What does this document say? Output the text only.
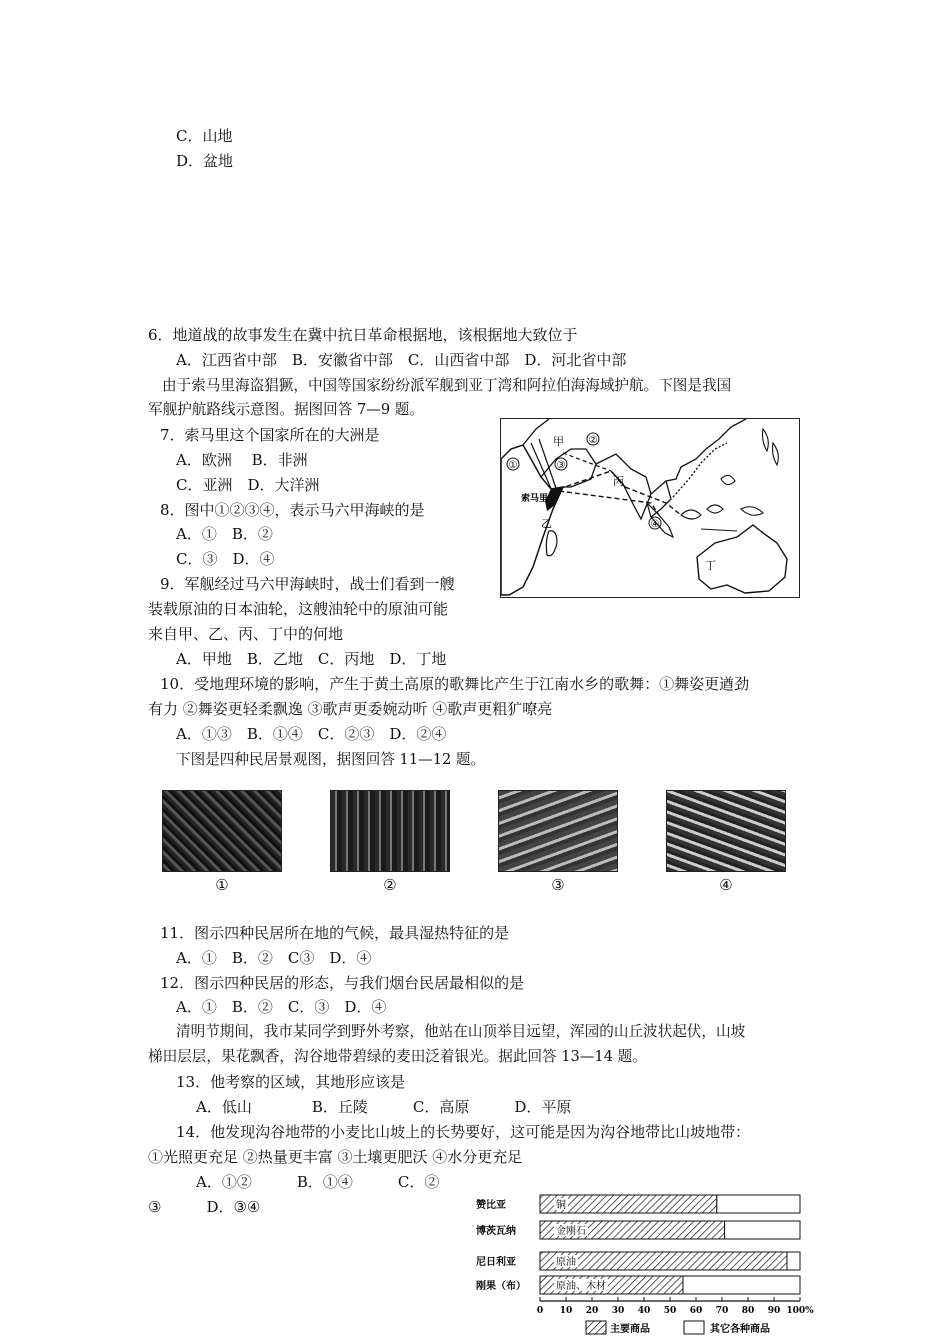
C．山地
D．盆地
6．地道战的故事发生在冀中抗日革命根据地，该根据地大致位于
A．江西省中部　B．安徽省中部　C．山西省中部　D．河北省中部
由于索马里海盗猖獗，中国等国家纷纷派军舰到亚丁湾和阿拉伯海海域护航。下图是我国
军舰护航路线示意图。据图回答 7—9 题。
7．索马里这个国家所在的大洲是
A．欧洲　 B．非洲
C．亚洲　D．大洋洲
8．图中①②③④，表示马六甲海峡的是
A．①　B．②
C．③　D．④
9．军舰经过马六甲海峡时，战士们看到一艘
装载原油的日本油轮，这艘油轮中的原油可能
来自甲、乙、丙、丁中的何地
A．甲地　B．乙地　C．丙地　D．丁地
①
②
③
④
甲
丙
乙
丁
索马里
10．受地理环境的影响，产生于黄土高原的歌舞比产生于江南水乡的歌舞：①舞姿更遒劲
有力 ②舞姿更轻柔飘逸 ③歌声更委婉动听 ④歌声更粗犷嘹亮
A．①③　B．①④　C．②③　D．②④
下图是四种民居景观图，据图回答 11—12 题。
①	②	③	④
11．图示四种民居所在地的气候，最具湿热特征的是
A．①　B．②　C③　D．④
12．图示四种民居的形态，与我们烟台民居最相似的是
A．①　B．②　C．③　D．④
清明节期间，我市某同学到野外考察，他站在山顶举目远望，浑园的山丘波状起伏，山坡
梯田层层，果花飘香，沟谷地带碧绿的麦田泛着银光。据此回答 13—14 题。
13．他考察的区域，其地形应该是
A．低山　　　　B．丘陵　　　C．高原　　　D．平原
14．他发现沟谷地带的小麦比山坡上的长势要好，这可能是因为沟谷地带比山坡地带：
①光照更充足 ②热量更丰富 ③土壤更肥沃 ④水分更充足
A．①②　　　B．①④　　　C．②
③　　　D．③④	赞比亚	铜
博茨瓦纳	金刚石
尼日利亚	原油
刚果（布）	原油、木材
0 10 20 30 40 50 60 70 80 90 100%
主要商品	其它各种商品
